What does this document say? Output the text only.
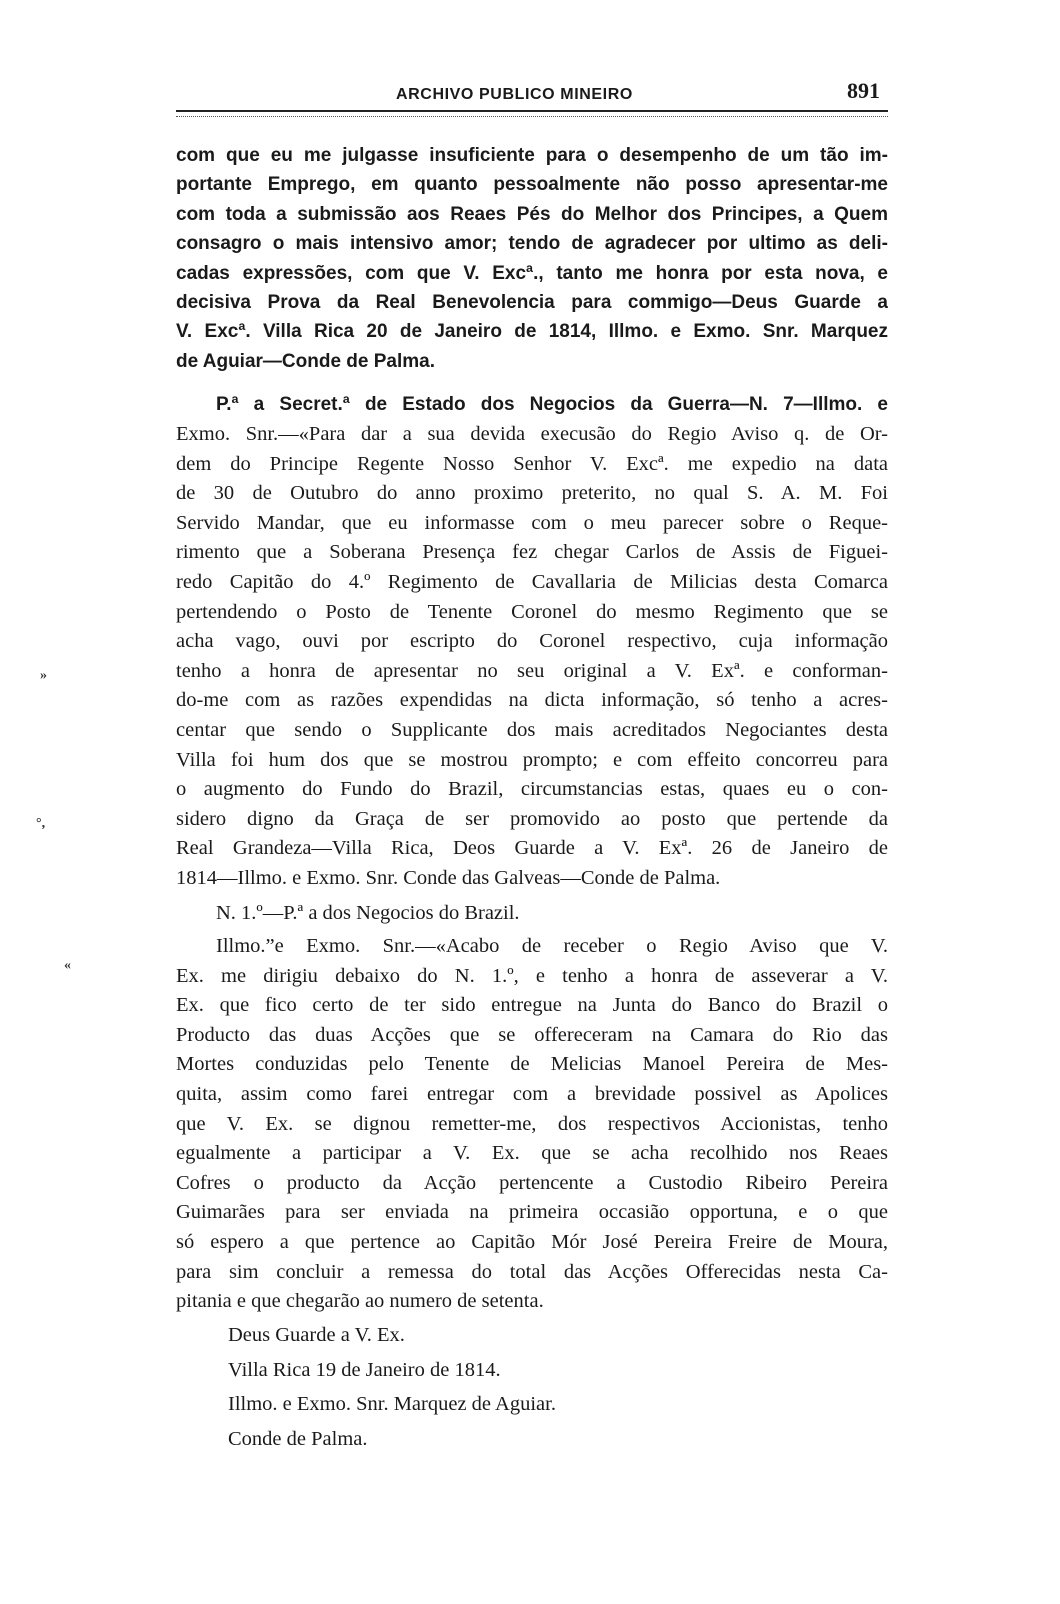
ARCHIVO PUBLICO MINEIRO	891
com que eu me julgasse insuficiente para o desempenho de um tão im-
portante Emprego, em quanto pessoalmente não posso apresentar-me
com toda a submissão aos Reaes Pés do Melhor dos Principes, a Quem
consagro o mais intensivo amor; tendo de agradecer por ultimo as deli-
cadas expressões, com que V. Excª., tanto me honra por esta nova, e
decisiva Prova da Real Benevolencia para commigo—Deus Guarde a
V. Excª. Villa Rica 20 de Janeiro de 1814, Illmo. e Exmo. Snr. Marquez
de Aguiar—Conde de Palma.
P.ª a Secret.ª de Estado dos Negocios da Guerra—N. 7—Illmo. e
Exmo. Snr.—«Para dar a sua devida execusão do Regio Aviso q. de Or-
dem do Principe Regente Nosso Senhor V. Excª. me expedio na data
de 30 de Outubro do anno proximo preterito, no qual S. A. M. Foi
Servido Mandar, que eu informasse com o meu parecer sobre o Reque-
rimento que a Soberana Presença fez chegar Carlos de Assis de Figuei-
redo Capitão do 4.º Regimento de Cavallaria de Milicias desta Comarca
pertendendo o Posto de Tenente Coronel do mesmo Regimento que se
acha vago, ouvi por escripto do Coronel respectivo, cuja informação
tenho a honra de apresentar no seu original a V. Exª. e conforman-
do-me com as razões expendidas na dicta informação, só tenho a acres-
centar que sendo o Supplicante dos mais acreditados Negociantes desta
Villa foi hum dos que se mostrou prompto; e com effeito concorreu para
o augmento do Fundo do Brazil, circumstancias estas, quaes eu o con-
sidero digno da Graça de ser promovido ao posto que pertende da
Real Grandeza—Villa Rica, Deos Guarde a V. Exª. 26 de Janeiro de
1814—Illmo. e Exmo. Snr. Conde das Galveas—Conde de Palma.
N. 1.º—P.ª a dos Negocios do Brazil.
Illmo.”e Exmo. Snr.—«Acabo de receber o Regio Aviso que V.
Ex. me dirigiu debaixo do N. 1.º, e tenho a honra de asseverar a V.
Ex. que fico certo de ter sido entregue na Junta do Banco do Brazil o
Producto das duas Acções que se offereceram na Camara do Rio das
Mortes conduzidas pelo Tenente de Melicias Manoel Pereira de Mes-
quita, assim como farei entregar com a brevidade possivel as Apolices
que V. Ex. se dignou remetter-me, dos respectivos Accionistas, tenho
egualmente a participar a V. Ex. que se acha recolhido nos Reaes
Cofres o producto da Acção pertencente a Custodio Ribeiro Pereira
Guimarães para ser enviada na primeira occasião opportuna, e o que
só espero a que pertence ao Capitão Mór José Pereira Freire de Moura,
para sim concluir a remessa do total das Acções Offerecidas nesta Ca-
pitania e que chegarão ao numero de setenta.
Deus Guarde a V. Ex.
Villa Rica 19 de Janeiro de 1814.
Illmo. e Exmo. Snr. Marquez de Aguiar.
Conde de Palma.
»
°,
«
